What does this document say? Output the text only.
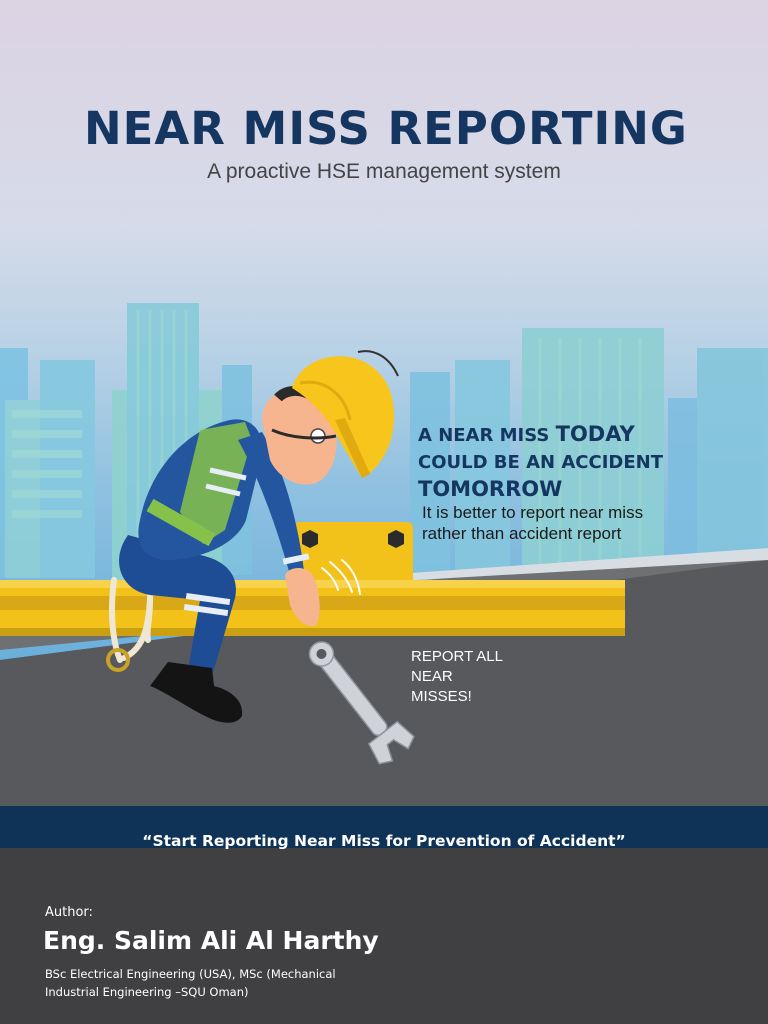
NEAR MISS REPORTING
A proactive HSE management system
A NEAR MISS TODAY
COULD BE AN ACCIDENT
TOMORROW
It is better to report near miss
rather than accident report
REPORT ALL
NEAR
MISSES!
“Start Reporting Near Miss for Prevention of Accident”
Author:
Eng. Salim Ali Al Harthy
BSc Electrical Engineering (USA), MSc (Mechanical
Industrial Engineering –SQU Oman)
